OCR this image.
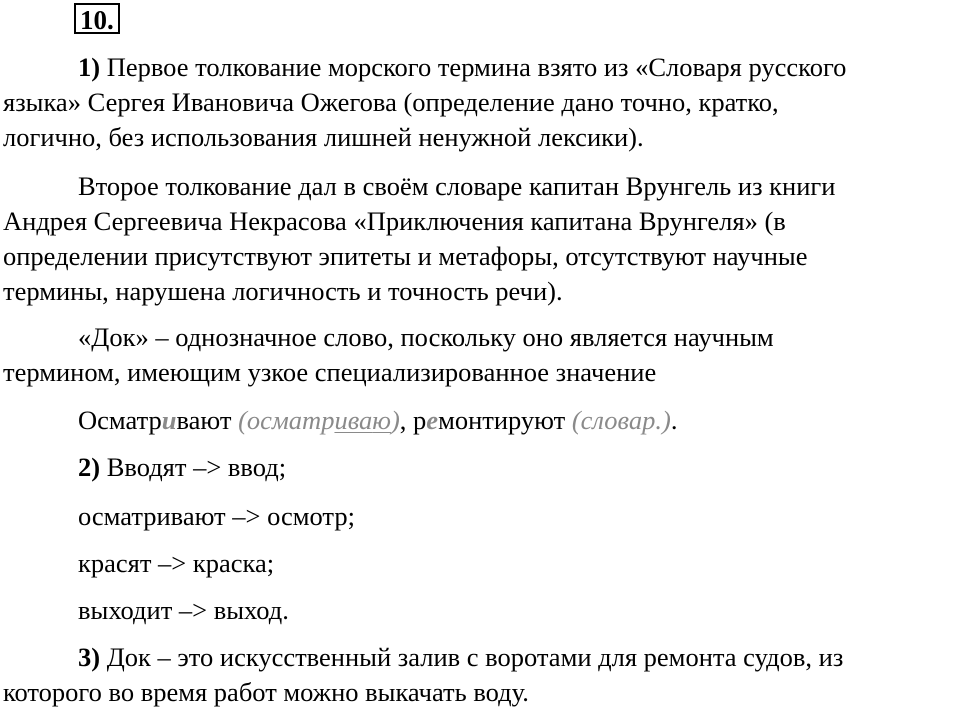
10.
1) Первое толкование морского термина взято из «Словаря русского
языка» Сергея Ивановича Ожегова (определение дано точно, кратко,
логично, без использования лишней ненужной лексики).
Второе толкование дал в своём словаре капитан Врунгель из книги
Андрея Сергеевича Некрасова «Приключения капитана Врунгеля» (в
определении присутствуют эпитеты и метафоры, отсутствуют научные
термины, нарушена логичность и точность речи).
«Док» – однозначное слово, поскольку оно является научным
термином, имеющим узкое специализированное значение
Осматривают (осматриваю), ремонтируют (словар.).
2) Вводят –> ввод;
осматривают –> осмотр;
красят –> краска;
выходит –> выход.
3) Док – это искусственный залив с воротами для ремонта судов, из
которого во время работ можно выкачать воду.
